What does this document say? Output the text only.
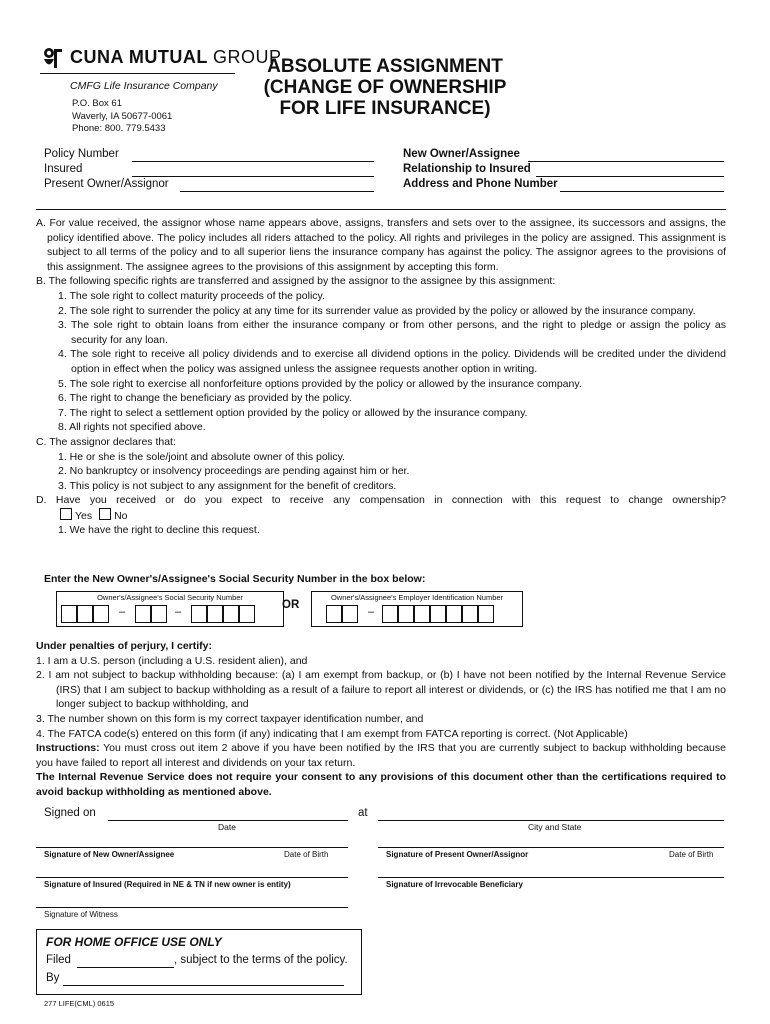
CUNA MUTUAL GROUP
CMFG Life Insurance Company
P.O. Box 61
Waverly, IA 50677-0061
Phone: 800. 779.5433
ABSOLUTE ASSIGNMENT
(CHANGE OF OWNERSHIP
FOR LIFE INSURANCE)
Policy Number
Insured
Present Owner/Assignor
New Owner/Assignee
Relationship to Insured
Address and Phone Number

A. For value received, the assignor whose name appears above, assigns, transfers and sets over to the assignee, its successors and assigns, the policy identified above. The policy includes all riders attached to the policy. All rights and privileges in the policy are assigned. This assignment is subject to all terms of the policy and to all superior liens the insurance company has against the policy. The assignor agrees to the provisions of this assignment. The assignee agrees to the provisions of this assignment by accepting this form.

B. The following specific rights are transferred and assigned by the assignor to the assignee by this assignment:

1. The sole right to collect maturity proceeds of the policy.

2. The sole right to surrender the policy at any time for its surrender value as provided by the policy or allowed by the insurance company.

3. The sole right to obtain loans from either the insurance company or from other persons, and the right to pledge or assign the policy as security for any loan.

4. The sole right to receive all policy dividends and to exercise all dividend options in the policy. Dividends will be credited under the dividend option in effect when the policy was assigned unless the assignee requests another option in writing.

5. The sole right to exercise all nonforfeiture options provided by the policy or allowed by the insurance company.

6. The right to change the beneficiary as provided by the policy.

7. The right to select a settlement option provided by the policy or allowed by the insurance company.

8. All rights not specified above.

C. The assignor declares that:

1. He or she is the sole/joint and absolute owner of this policy.

2. No bankruptcy or insolvency proceedings are pending against him or her.

3. This policy is not subject to any assignment for the benefit of creditors.

D. Have you received or do you expect to receive any compensation in connection with this request to change ownership?

Yes No

1. We have the right to decline this request.

Enter the New Owner's/Assignee's Social Security Number in the box below:
Owner's/Assignee's Social Security Number
–	–
OR
Owner's/Assignee's Employer Identification Number
–

Under penalties of perjury, I certify:

1. I am a U.S. person (including a U.S. resident alien), and

2. I am not subject to backup withholding because: (a) I am exempt from backup, or (b) I have not been notified by the Internal Revenue Service (IRS) that I am subject to backup withholding as a result of a failure to report all interest or dividends, or (c) the IRS has notified me that I am no longer subject to backup withholding, and

3. The number shown on this form is my correct taxpayer identification number, and

4. The FATCA code(s) entered on this form (if any) indicating that I am exempt from FATCA reporting is correct. (Not Applicable)

Instructions: You must cross out item 2 above if you have been notified by the IRS that you are currently subject to backup withholding because you have failed to report all interest and dividends on your tax return.

The Internal Revenue Service does not require your consent to any provisions of this document other than the certifications required to avoid backup withholding as mentioned above.

Signed on
Date
at
City and State
Signature of New Owner/Assignee	Date of Birth	Signature of Present Owner/Assignor	Date of Birth
Signature of Insured (Required in NE & TN if new owner is entity)	Signature of Irrevocable Beneficiary
Signature of Witness
FOR HOME OFFICE USE ONLY
Filed	, subject to the terms of the policy.
By
277 LIFE(CML) 0615
